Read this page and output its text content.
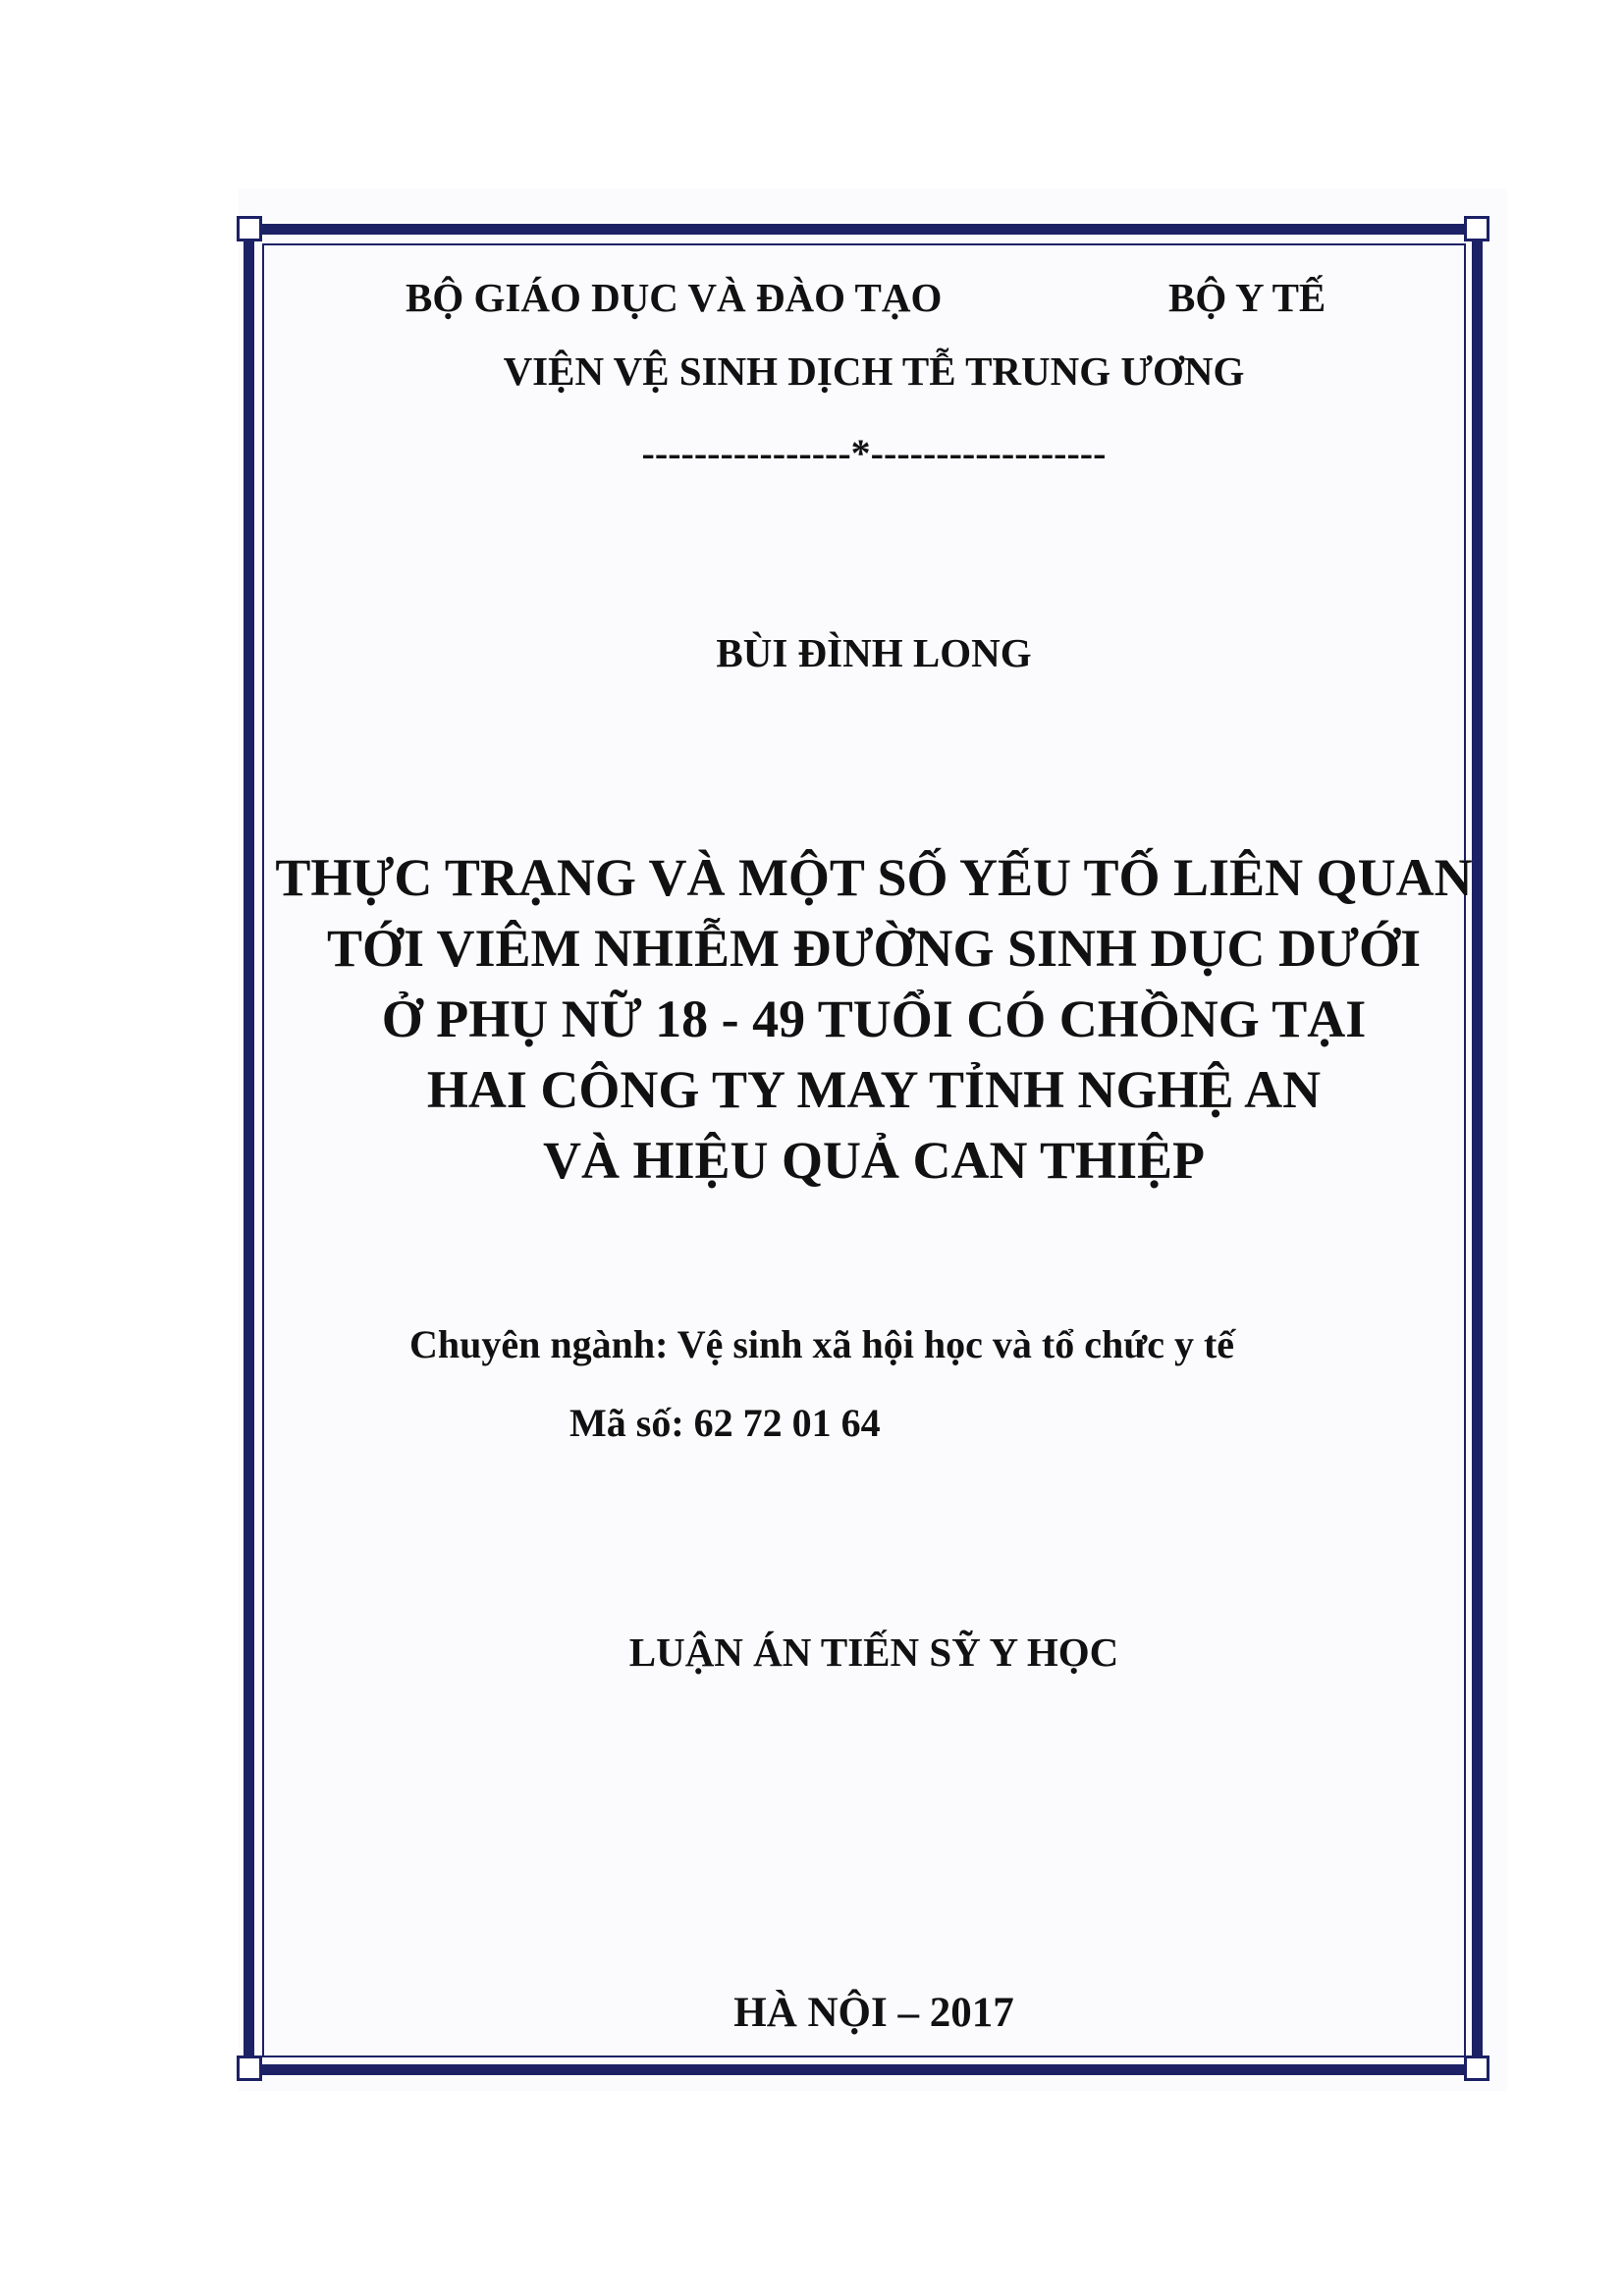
BỘ GIÁO DỤC VÀ ĐÀO TẠO	BỘ Y TẾ
VIỆN VỆ SINH DỊCH TỄ TRUNG ƯƠNG
----------------*------------------
BÙI ĐÌNH LONG
THỰC TRẠNG VÀ MỘT SỐ YẾU TỐ LIÊN QUAN
TỚI VIÊM NHIỄM ĐƯỜNG SINH DỤC DƯỚI
Ở PHỤ NỮ 18 - 49 TUỔI CÓ CHỒNG TẠI
HAI CÔNG TY MAY TỈNH NGHỆ AN
VÀ HIỆU QUẢ CAN THIỆP
Chuyên ngành: Vệ sinh xã hội học và tổ chức y tế
Mã số: 62 72 01 64
LUẬN ÁN TIẾN SỸ Y HỌC
HÀ NỘI – 2017
